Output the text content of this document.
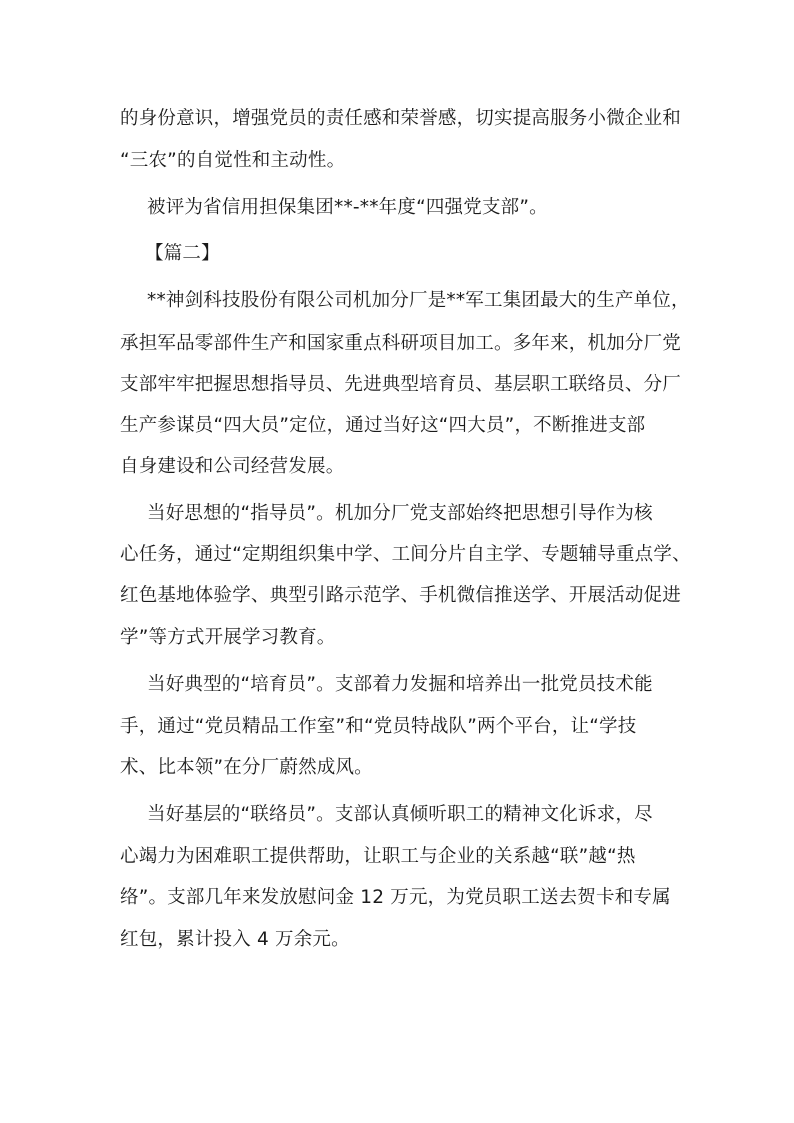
的身份意识，增强党员的责任感和荣誉感，切实提高服务小微企业和
“三农”的自觉性和主动性。
被评为省信用担保集团**-**年度“四强党支部”。
【篇二】
**神剑科技股份有限公司机加分厂是**军工集团最大的生产单位，
承担军品零部件生产和国家重点科研项目加工。多年来，机加分厂党
支部牢牢把握思想指导员、先进典型培育员、基层职工联络员、分厂
生产参谋员“四大员”定位，通过当好这“四大员”，不断推进支部
自身建设和公司经营发展。
当好思想的“指导员”。机加分厂党支部始终把思想引导作为核
心任务，通过“定期组织集中学、工间分片自主学、专题辅导重点学、
红色基地体验学、典型引路示范学、手机微信推送学、开展活动促进
学”等方式开展学习教育。
当好典型的“培育员”。支部着力发掘和培养出一批党员技术能
手，通过“党员精品工作室”和“党员特战队”两个平台，让“学技
术、比本领”在分厂蔚然成风。
当好基层的“联络员”。支部认真倾听职工的精神文化诉求，尽
心竭力为困难职工提供帮助，让职工与企业的关系越“联”越“热
络”。支部几年来发放慰问金 12 万元，为党员职工送去贺卡和专属
红包，累计投入 4 万余元。
